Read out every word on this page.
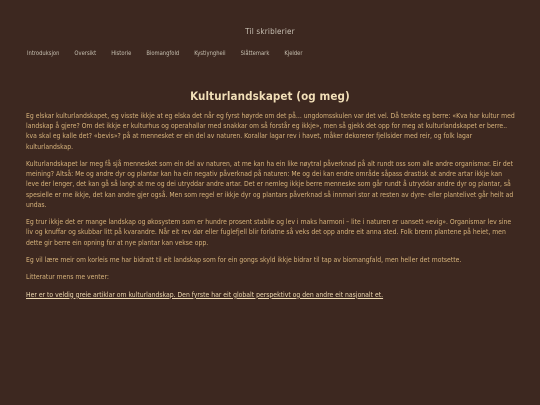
Til skriblerier
Introduksjon	Oversikt	Historie	Biomangfold	Kystlyngheii	Slåttemark	Kjelder
Kulturlandskapet (og meg)

Eg elskar kulturlandskapet, eg visste ikkje at eg elska det når eg fyrst høyrde om det på... ungdomsskulen var det vel. Då tenkte eg berre: «Kva har kultur med landskap å gjere? Om det ikkje er kulturhus og operahallar med snakkar om så forstår eg ikkje», men så gjekk det opp for meg at kulturlandskapet er berre.. kva skal eg kalle det? «bevis»? på at mennesket er ein del av naturen. Korallar lagar rev i havet, måker dekorerer fjellsider med reir, og folk lagar kulturlandskap.

Kulturlandskapet lar meg få sjå mennesket som ein del av naturen, at me kan ha ein like nøytral påverknad på alt rundt oss som alle andre organismar. Eir det meining? Altså: Me og andre dyr og plantar kan ha ein negativ påverknad på naturen: Me og dei kan endre område såpass drastisk at andre artar ikkje kan leve der lenger, det kan gå så langt at me og dei utryddar andre artar. Det er nemleg ikkje berre menneske som går rundt å utryddar andre dyr og plantar, så spesielle er me ikkje, det kan andre gjer også. Men som regel er ikkje dyr og plantars påverknad så innmari stor at resten av dyre- eller plantelivet går heilt ad undas.

Eg trur ikkje det er mange landskap og økosystem som er hundre prosent stabile og lev i maks harmoni – lite i naturen er uansett «evig». Organismar lev sine liv og knuffar og skubbar litt på kvarandre. Når eit rev dør eller fuglefjell blir forlatne så veks det opp andre eit anna sted. Folk brenn plantene på heiet, men dette gir berre ein opning for at nye plantar kan vekse opp.

Eg vil lære meir om korleis me har bidratt til eit landskap som for ein gongs skyld ikkje bidrar til tap av biomangfald, men heller det motsette.

Litteratur mens me venter:

Her er to veldig greie artiklar om kulturlandskap. Den fyrste har eit globalt perspektivt og den andre eit nasjonalt et.
